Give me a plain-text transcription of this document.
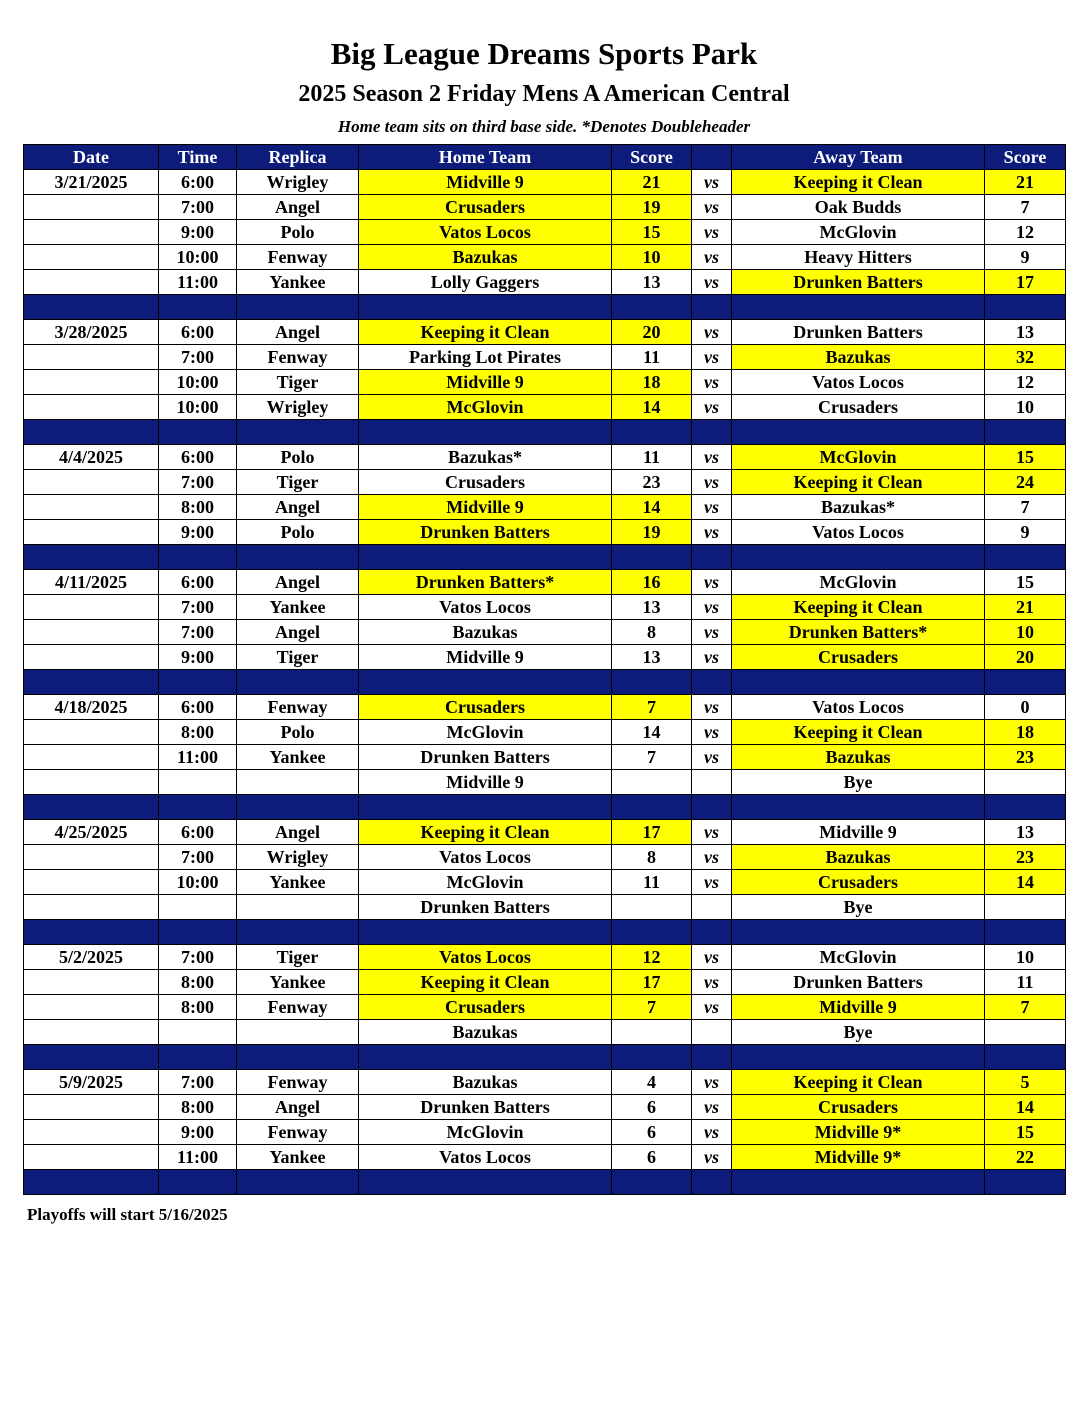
Big League Dreams Sports Park
2025 Season 2 Friday Mens A American Central
Home team sits on third base side. *Denotes Doubleheader
Date	Time	Replica	Home Team	Score		Away Team	Score
3/21/2025	6:00	Wrigley	Midville 9	21	vs	Keeping it Clean	21
	7:00	Angel	Crusaders	19	vs	Oak Budds	7
	9:00	Polo	Vatos Locos	15	vs	McGlovin	12
	10:00	Fenway	Bazukas	10	vs	Heavy Hitters	9
	11:00	Yankee	Lolly Gaggers	13	vs	Drunken Batters	17

3/28/2025	6:00	Angel	Keeping it Clean	20	vs	Drunken Batters	13
	7:00	Fenway	Parking Lot Pirates	11	vs	Bazukas	32
	10:00	Tiger	Midville 9	18	vs	Vatos Locos	12
	10:00	Wrigley	McGlovin	14	vs	Crusaders	10

4/4/2025	6:00	Polo	Bazukas*	11	vs	McGlovin	15
	7:00	Tiger	Crusaders	23	vs	Keeping it Clean	24
	8:00	Angel	Midville 9	14	vs	Bazukas*	7
	9:00	Polo	Drunken Batters	19	vs	Vatos Locos	9

4/11/2025	6:00	Angel	Drunken Batters*	16	vs	McGlovin	15
	7:00	Yankee	Vatos Locos	13	vs	Keeping it Clean	21
	7:00	Angel	Bazukas	8	vs	Drunken Batters*	10
	9:00	Tiger	Midville 9	13	vs	Crusaders	20

4/18/2025	6:00	Fenway	Crusaders	7	vs	Vatos Locos	0
	8:00	Polo	McGlovin	14	vs	Keeping it Clean	18
	11:00	Yankee	Drunken Batters	7	vs	Bazukas	23
			Midville 9			Bye	

4/25/2025	6:00	Angel	Keeping it Clean	17	vs	Midville 9	13
	7:00	Wrigley	Vatos Locos	8	vs	Bazukas	23
	10:00	Yankee	McGlovin	11	vs	Crusaders	14
			Drunken Batters			Bye	

5/2/2025	7:00	Tiger	Vatos Locos	12	vs	McGlovin	10
	8:00	Yankee	Keeping it Clean	17	vs	Drunken Batters	11
	8:00	Fenway	Crusaders	7	vs	Midville 9	7
			Bazukas			Bye	

5/9/2025	7:00	Fenway	Bazukas	4	vs	Keeping it Clean	5
	8:00	Angel	Drunken Batters	6	vs	Crusaders	14
	9:00	Fenway	McGlovin	6	vs	Midville 9*	15
	11:00	Yankee	Vatos Locos	6	vs	Midville 9*	22

Playoffs will start 5/16/2025
